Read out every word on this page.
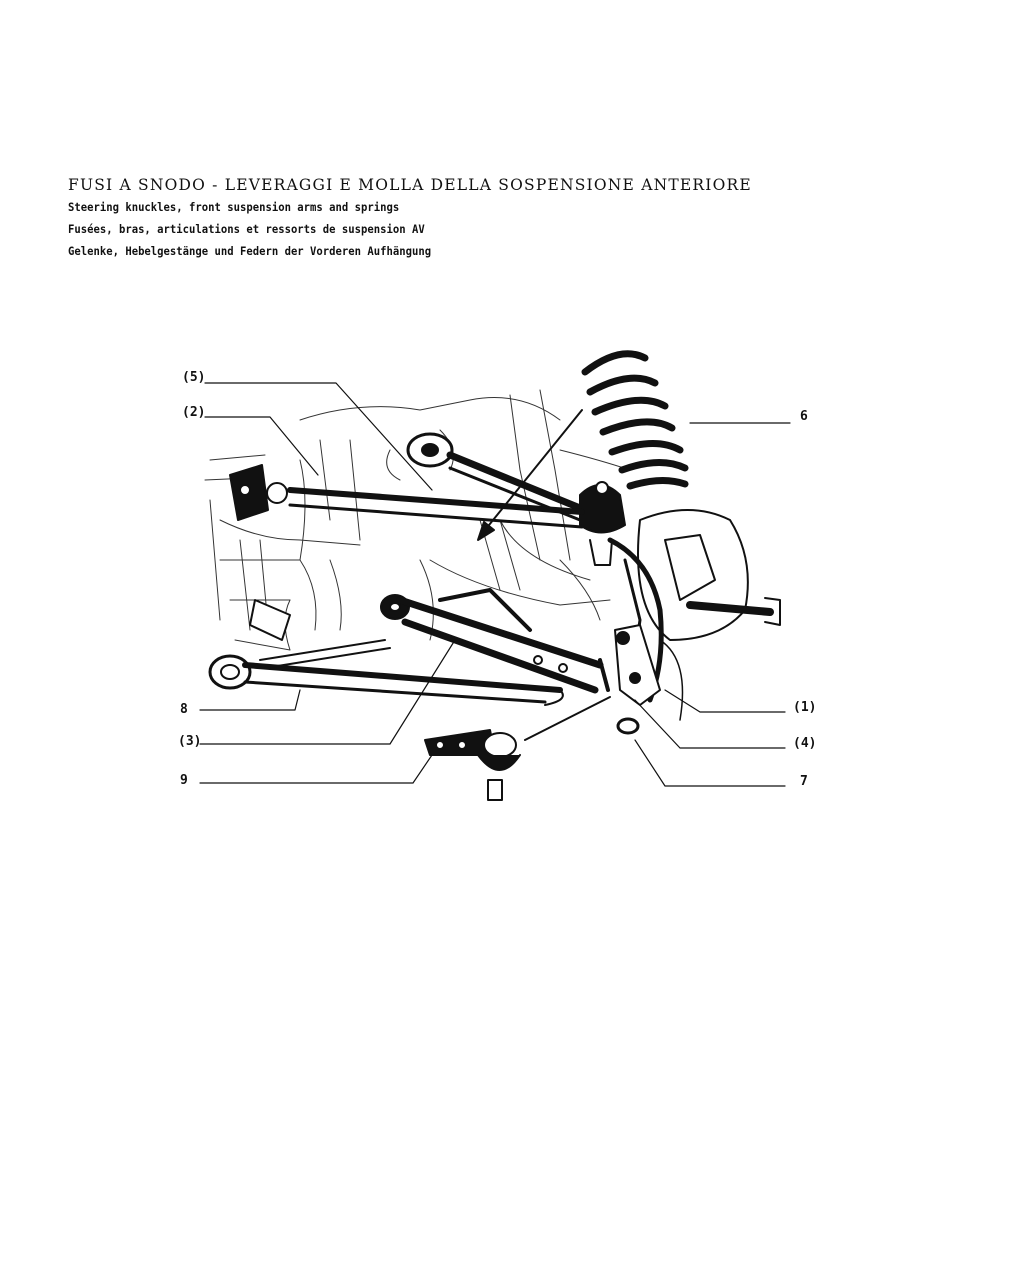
FUSI A SNODO - LEVERAGGI E MOLLA DELLA SOSPENSIONE ANTERIORE
Steering knuckles, front suspension arms and springs
Fusées, bras, articulations et ressorts de suspension AV
Gelenke, Hebelgestänge und Federn der Vorderen Aufhängung
(5)
(2)	6
8
(3)
9
(1)
(4)
7
